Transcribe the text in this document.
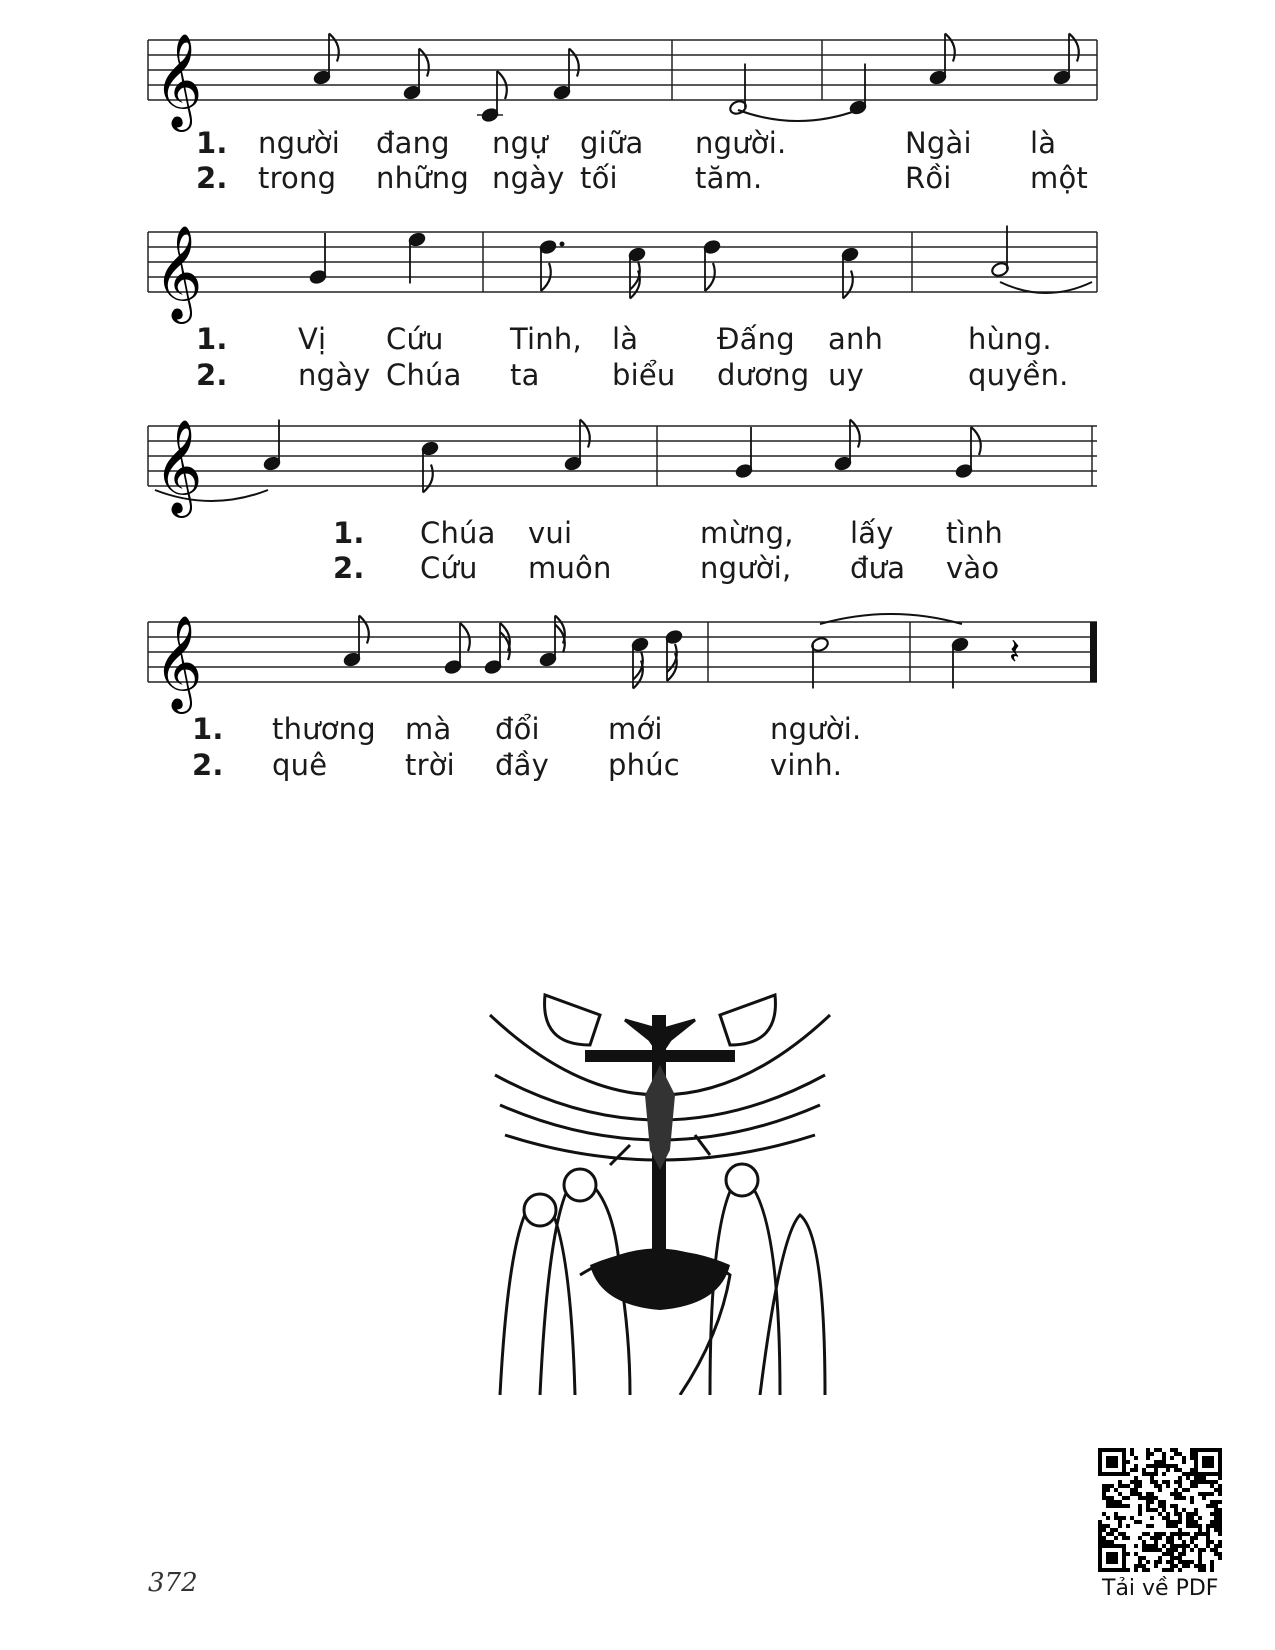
𝄞
𝄞
𝄞
𝄞	𝄽
1. người đang ngự giữa người.	Ngài là
2. trong những ngày tối	tăm.	Rồi	một
1. Vị Cứu Tinh, là	Đấng anh	hùng.
2. ngày Chúa ta biểu dương uy	quyền.
1. Chúa vui	mừng, lấy tình
2. Cứu muôn	người, đưa vào
1. thương mà đổi mới	người.
2. quê	trời đầy phúc	vinh.
Tải về PDF
372
